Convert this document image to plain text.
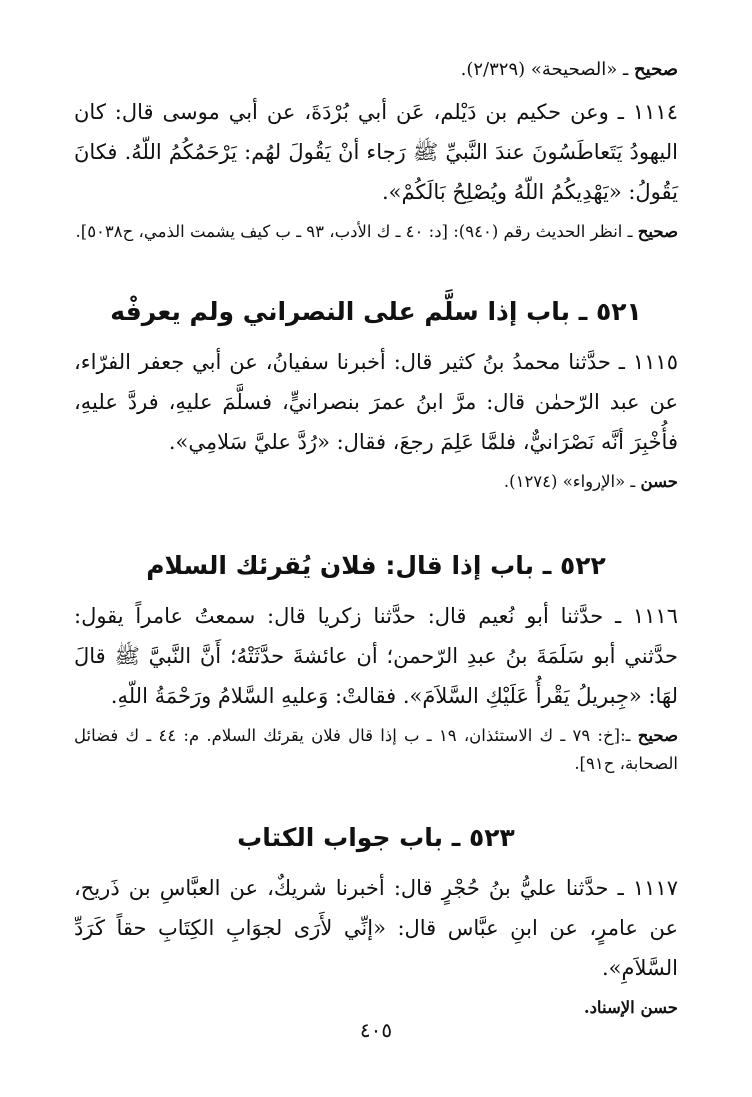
صحيح ـ «الصحيحة» (٢/٣٢٩).

١١١٤ ـ وعن حكيم بن دَيْلم، عَن أبي بُرْدَةَ، عن أبي موسى قال: كان اليهودُ يَتَعاطَسُونَ عندَ النَّبيِّ ﷺ رَجاء أنْ يَقُولَ لهُم: يَرْحَمُكُمُ اللّهُ. فكانَ يَقُولُ: «يَهْدِيكُمُ اللّهُ ويُصْلِحُ بَالَكُمْ».

صحيح ـ انظر الحديث رقم (٩٤٠): [د: ٤٠ ـ ك الأدب، ٩٣ ـ ب كيف يشمت الذمي، ح٥٠٣٨].

٥٢١ ـ باب إذا سلَّم على النصراني ولم يعرفْه

١١١٥ ـ حدَّثنا محمدُ بنُ كثير قال: أخبرنا سفيانُ، عن أبي جعفر الفرّاء، عن عبد الرّحمٰن قال: مرَّ ابنُ عمرَ بنصرانيٍّ، فسلَّمَ عليهِ، فردَّ عليهِ، فأُخْبِرَ أنَّه نَصْرَانيٌّ، فلمَّا عَلِمَ رجعَ، فقال: «رُدَّ عليَّ سَلامِي».

حسن ـ «الإرواء» (١٢٧٤).

٥٢٢ ـ باب إذا قال: فلان يُقرئك السلام

١١١٦ ـ حدَّثنا أبو نُعيم قال: حدَّثنا زكريا قال: سمعتُ عامراً يقول: حدَّثني أبو سَلَمَةَ بنُ عبدِ الرّحمن؛ أن عائشةَ حدَّثَتْهُ؛ أَنَّ النَّبيَّ ﷺ قالَ لهَا: «جِبريلُ يَقْرأُ عَلَيْكِ السَّلاَمَ». فقالتْ: وَعليهِ السَّلامُ ورَحْمَةُ اللّهِ.

صحيح ـ:[خ: ٧٩ ـ ك الاستئذان، ١٩ ـ ب إذا قال فلان يقرئك السلام. م: ٤٤ ـ ك فضائل الصحابة، ح٩١].

٥٢٣ ـ باب جواب الكتاب

١١١٧ ـ حدَّثنا عليُّ بنُ حُجْرٍ قال: أخبرنا شريكٌ، عن العبَّاسِ بن ذَريح، عن عامرٍ، عن ابنِ عبَّاس قال: «إنِّي لأَرَى لجوَابِ الكِتَابِ حقاً كَرَدِّ السَّلاَمِ».

حسن الإسناد.

٤٠٥
